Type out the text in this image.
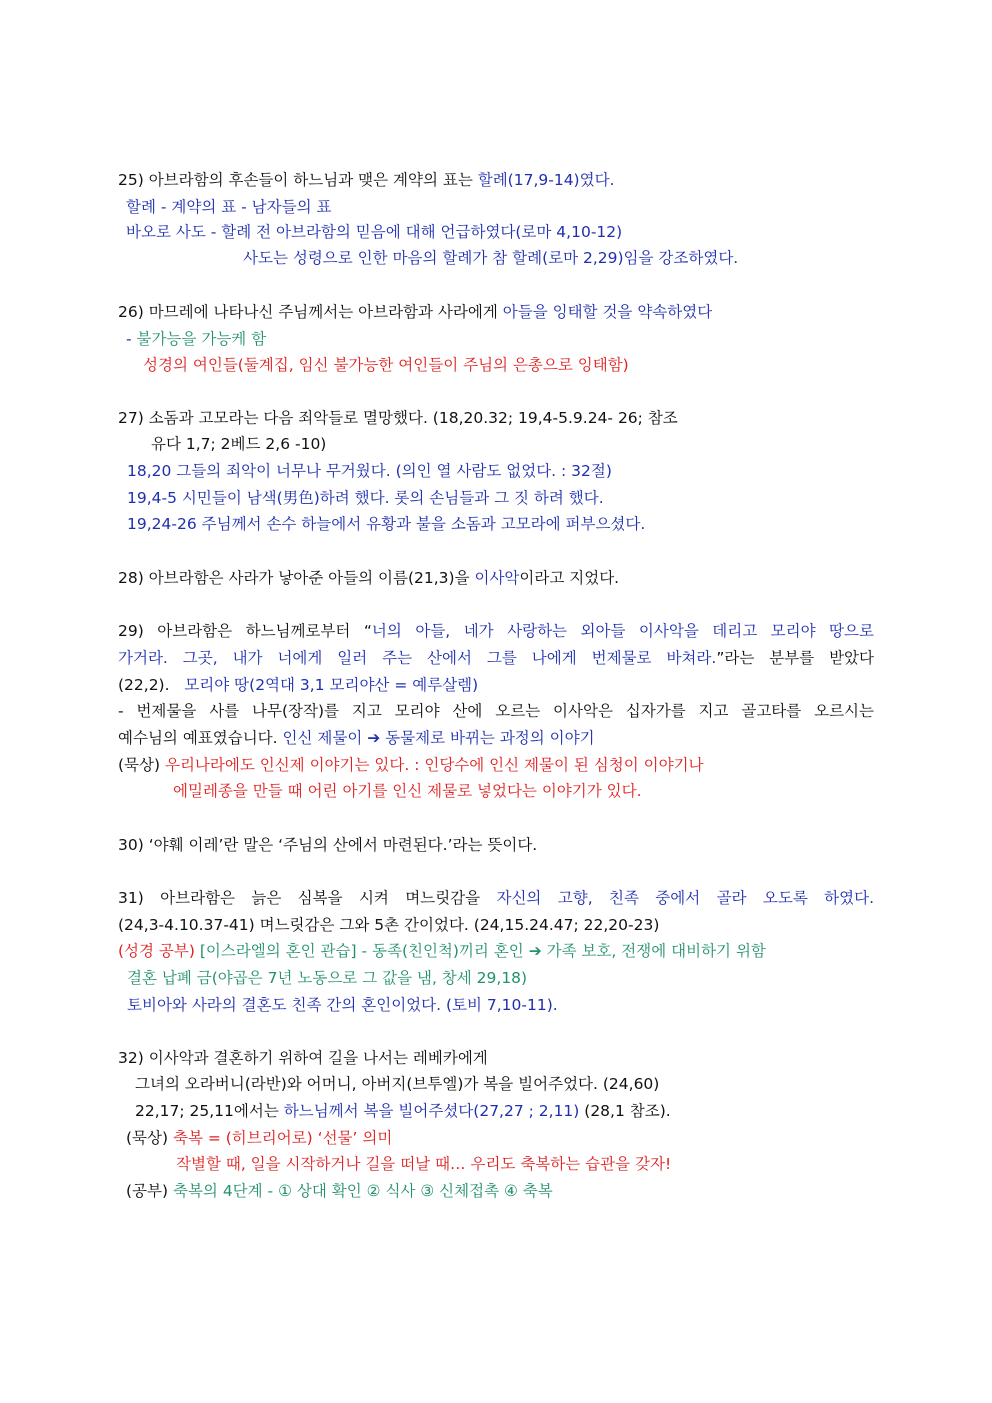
25) 아브라함의 후손들이 하느님과 맺은 계약의 표는 할례(17,9-14)였다.
할례 - 계약의 표 - 남자들의 표
바오로 사도 - 할례 전 아브라함의 믿음에 대해 언급하였다(로마 4,10-12)
사도는 성령으로 인한 마음의 할례가 참 할례(로마 2,29)임을 강조하였다.
26) 마므레에 나타나신 주님께서는 아브라함과 사라에게 아들을 잉태할 것을 약속하였다
- 불가능을 가능케 함
성경의 여인들(둘계집, 임신 불가능한 여인들이 주님의 은총으로 잉태함)
27) 소돔과 고모라는 다음 죄악들로 멸망했다. (18,20.32; 19,4-5.9.24- 26; 참조
유다 1,7; 2베드 2,6 -10)
18,20 그들의 죄악이 너무나 무거웠다. (의인 열 사람도 없었다. : 32절)
19,4-5 시민들이 남색(男色)하려 했다. 롯의 손님들과 그 짓 하려 했다.
19,24-26 주님께서 손수 하늘에서 유황과 불을 소돔과 고모라에 퍼부으셨다.
28) 아브라함은 사라가 낳아준 아들의 이름(21,3)을 이사악이라고 지었다.
29) 아브라함은 하느님께로부터 “너의 아들, 네가 사랑하는 외아들 이사악을 데리고 모리야 땅으로
가거라. 그곳, 내가 너에게 일러 주는 산에서 그를 나에게 번제물로 바쳐라.”라는 분부를 받았다
(22,2).   모리야 땅(2역대 3,1 모리야산 = 예루살렘)
- 번제물을 사를 나무(장작)를 지고 모리야 산에 오르는 이사악은 십자가를 지고 골고타를 오르시는
예수님의 예표였습니다. 인신 제물이 ➔ 동물제로 바뀌는 과정의 이야기
(묵상) 우리나라에도 인신제 이야기는 있다. : 인당수에 인신 제물이 된 심청이 이야기나
에밀레종을 만들 때 어린 아기를 인신 제물로 넣었다는 이야기가 있다.
30) ‘야훼 이레’란 말은 ‘주님의 산에서 마련된다.’라는 뜻이다.
31) 아브라함은 늙은 심복을 시켜 며느릿감을 자신의 고향, 친족 중에서 골라 오도록 하였다.
(24,3-4.10.37-41) 며느릿감은 그와 5촌 간이었다. (24,15.24.47; 22,20-23)
(성경 공부) [이스라엘의 혼인 관습] - 동족(친인척)끼리 혼인 ➔ 가족 보호, 전쟁에 대비하기 위함
결혼 납폐 금(야곱은 7년 노동으로 그 값을 냄, 창세 29,18)
토비아와 사라의 결혼도 친족 간의 혼인이었다. (토비 7,10-11).
32) 이사악과 결혼하기 위하여 길을 나서는 레베카에게
그녀의 오라버니(라반)와 어머니, 아버지(브투엘)가 복을 빌어주었다. (24,60)
22,17; 25,11에서는 하느님께서 복을 빌어주셨다(27,27 ; 2,11) (28,1 참조).
(묵상) 축복 = (히브리어로) ‘선물’ 의미
작별할 때, 일을 시작하거나 길을 떠날 때… 우리도 축복하는 습관을 갖자!
(공부) 축복의 4단계 - ① 상대 확인 ② 식사 ③ 신체접촉 ④ 축복
